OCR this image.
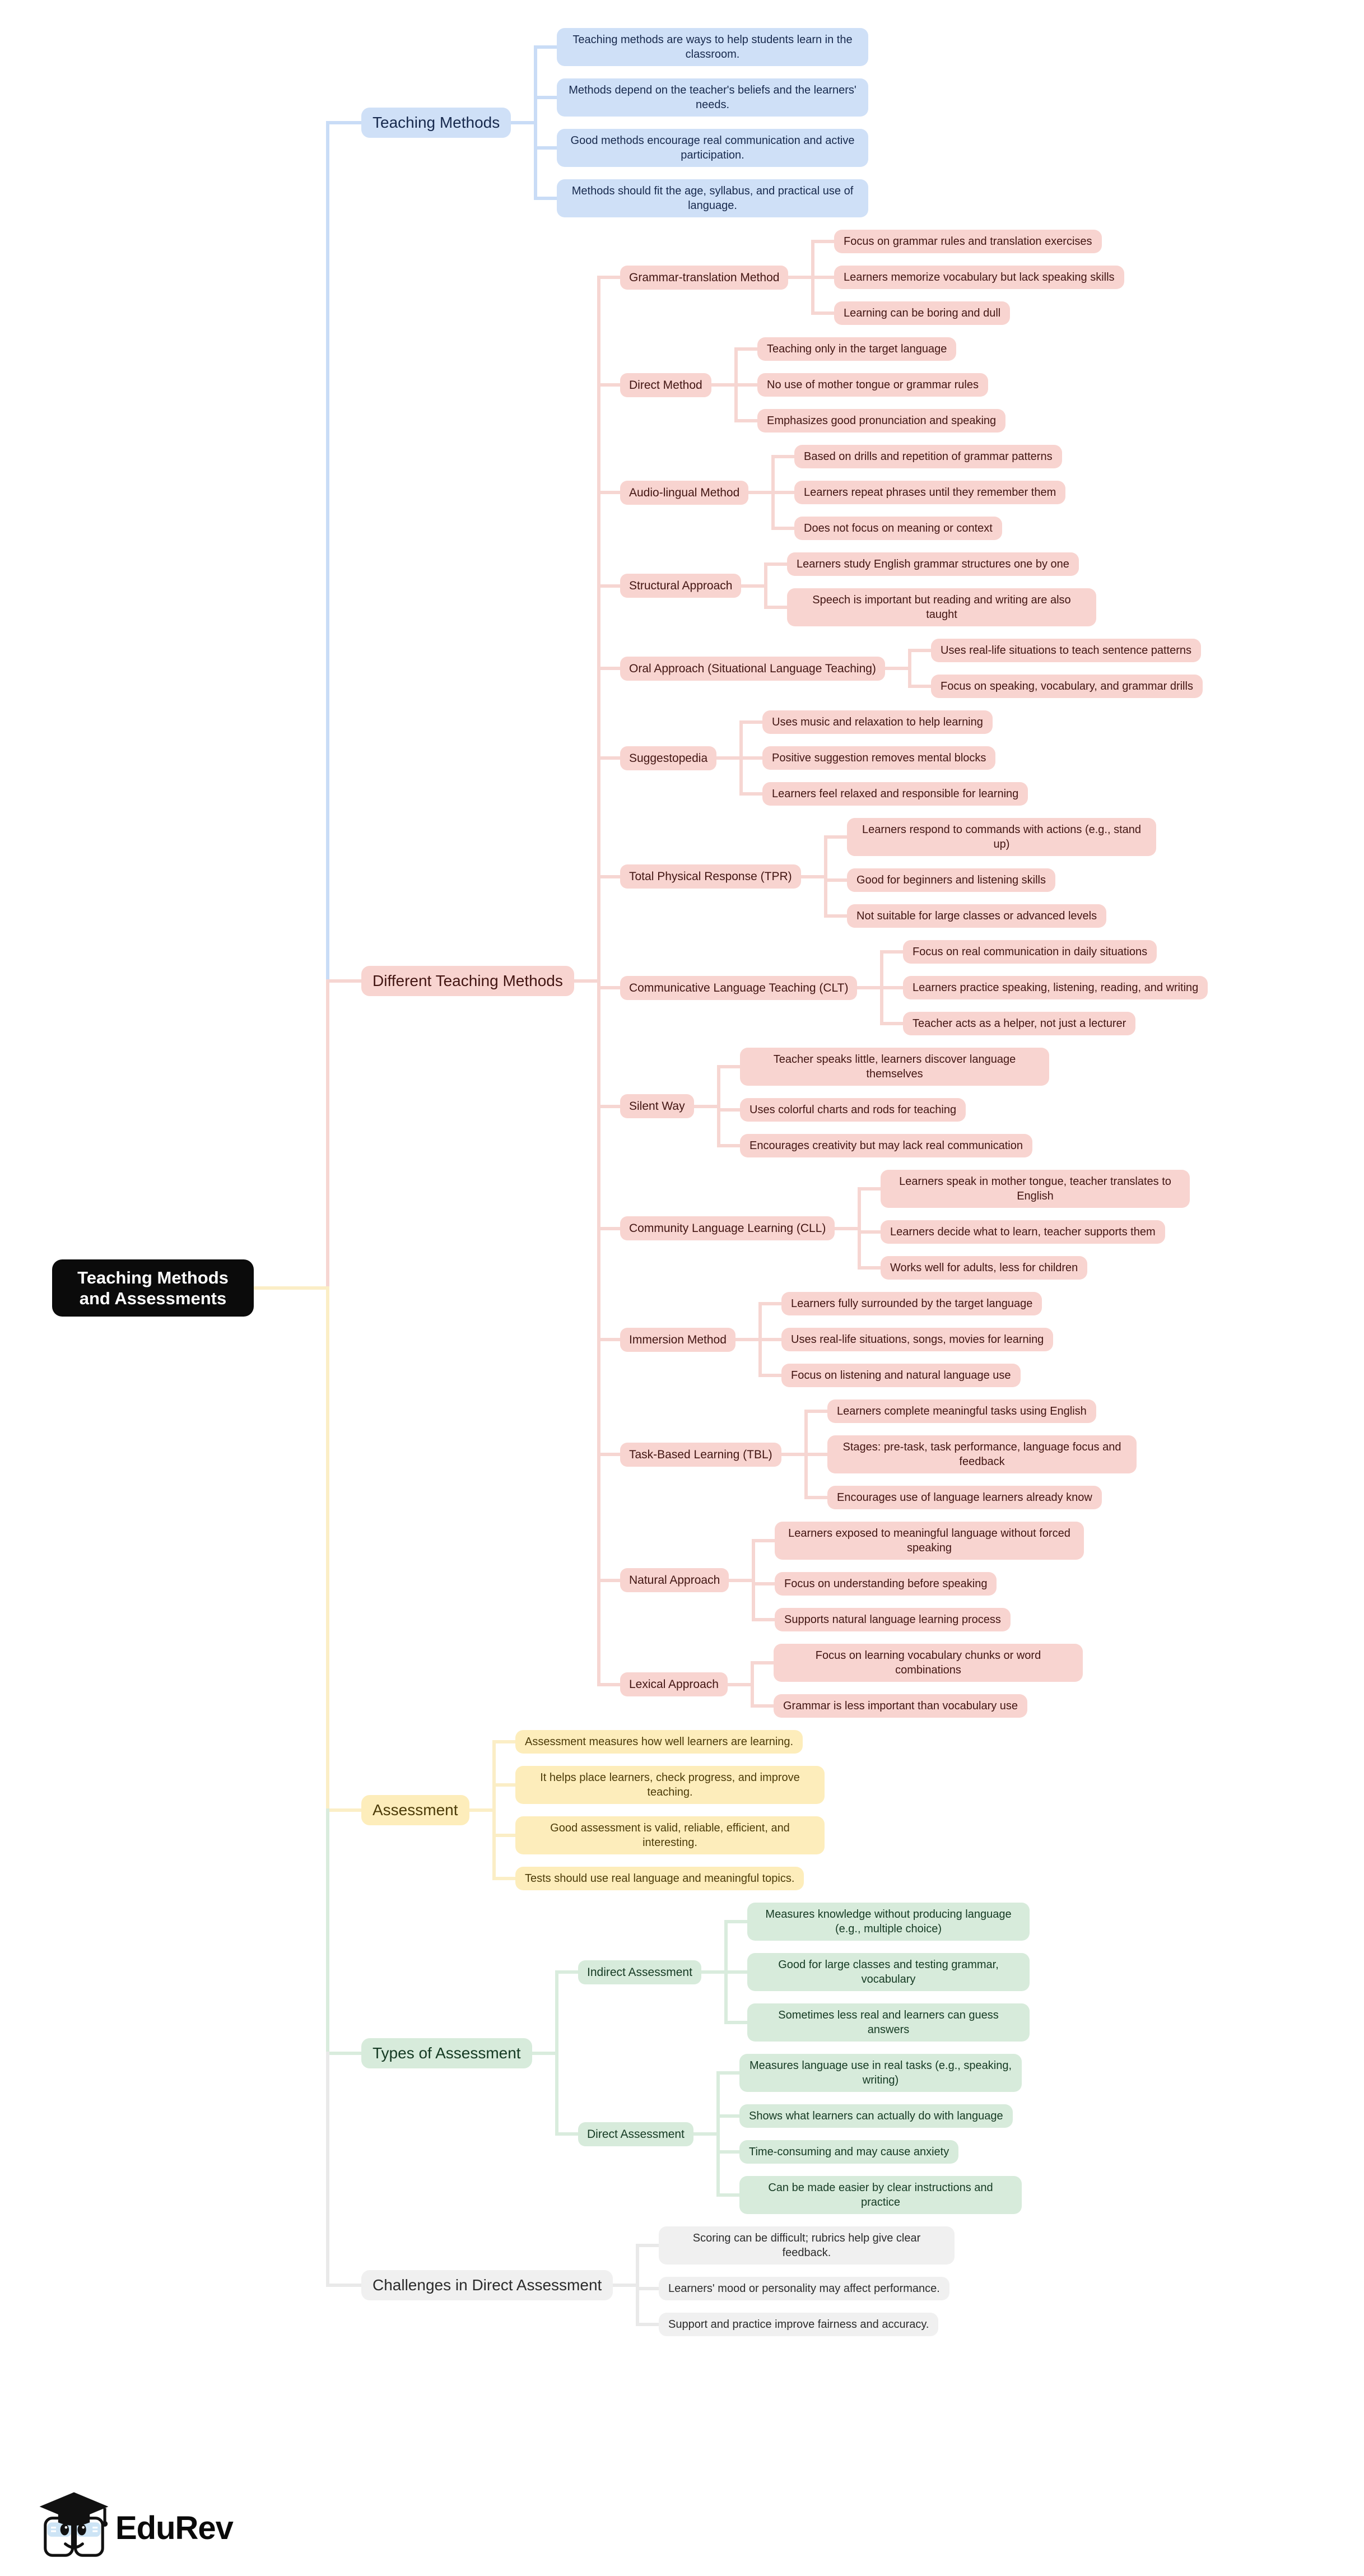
Teaching Methods and Assessments
EduRev
Teaching Methods
Teaching methods are ways to help students learn in the classroom.
Methods depend on the teacher's beliefs and the learners' needs.
Good methods encourage real communication and active participation.
Methods should fit the age, syllabus, and practical use of language.
Different Teaching Methods
Grammar-translation Method
Focus on grammar rules and translation exercises
Learners memorize vocabulary but lack speaking skills
Learning can be boring and dull
Direct Method
Teaching only in the target language
No use of mother tongue or grammar rules
Emphasizes good pronunciation and speaking
Audio-lingual Method
Based on drills and repetition of grammar patterns
Learners repeat phrases until they remember them
Does not focus on meaning or context
Structural Approach
Learners study English grammar structures one by one
Speech is important but reading and writing are also taught
Oral Approach (Situational Language Teaching)
Uses real-life situations to teach sentence patterns
Focus on speaking, vocabulary, and grammar drills
Suggestopedia
Uses music and relaxation to help learning
Positive suggestion removes mental blocks
Learners feel relaxed and responsible for learning
Total Physical Response (TPR)
Learners respond to commands with actions (e.g., stand up)
Good for beginners and listening skills
Not suitable for large classes or advanced levels
Communicative Language Teaching (CLT)
Focus on real communication in daily situations
Learners practice speaking, listening, reading, and writing
Teacher acts as a helper, not just a lecturer
Silent Way
Teacher speaks little, learners discover language themselves
Uses colorful charts and rods for teaching
Encourages creativity but may lack real communication
Community Language Learning (CLL)
Learners speak in mother tongue, teacher translates to English
Learners decide what to learn, teacher supports them
Works well for adults, less for children
Immersion Method
Learners fully surrounded by the target language
Uses real-life situations, songs, movies for learning
Focus on listening and natural language use
Task-Based Learning (TBL)
Learners complete meaningful tasks using English
Stages: pre-task, task performance, language focus and feedback
Encourages use of language learners already know
Natural Approach
Learners exposed to meaningful language without forced speaking
Focus on understanding before speaking
Supports natural language learning process
Lexical Approach
Focus on learning vocabulary chunks or word combinations
Grammar is less important than vocabulary use
Assessment
Assessment measures how well learners are learning.
It helps place learners, check progress, and improve teaching.
Good assessment is valid, reliable, efficient, and interesting.
Tests should use real language and meaningful topics.
Types of Assessment
Indirect Assessment
Measures knowledge without producing language (e.g., multiple choice)
Good for large classes and testing grammar, vocabulary
Sometimes less real and learners can guess answers
Direct Assessment
Measures language use in real tasks (e.g., speaking, writing)
Shows what learners can actually do with language
Time-consuming and may cause anxiety
Can be made easier by clear instructions and practice
Challenges in Direct Assessment
Scoring can be difficult; rubrics help give clear feedback.
Learners' mood or personality may affect performance.
Support and practice improve fairness and accuracy.
